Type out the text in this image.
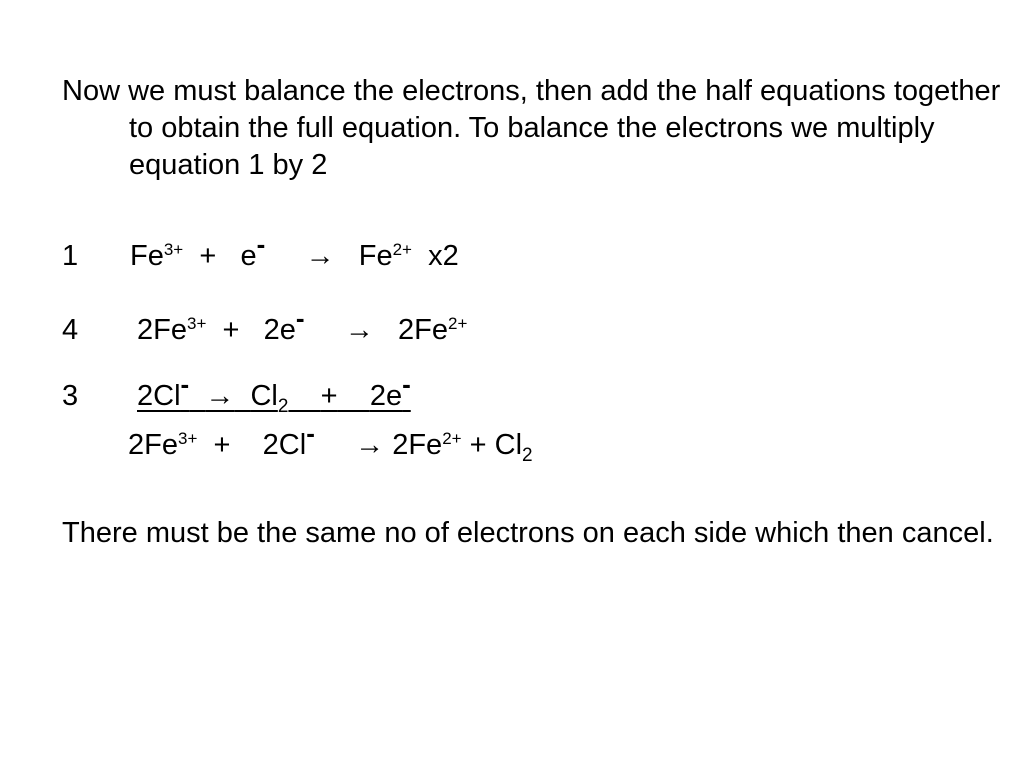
Now we must balance the electrons, then add the half equations together to obtain the full equation. To balance the electrons we multiply equation 1 by 2

1 $Fe^{3+} + e- \to Fe^{2+}$ x2
4 $2Fe^{3+} + 2e- \to 2Fe^{2+}$
3 $2Cl- \to Cl_2 + 2e-$
$2Fe^{3+} + 2Cl- \to 2Fe^{2+} + Cl_2$

There must be the same no of electrons on each side which then cancel.
